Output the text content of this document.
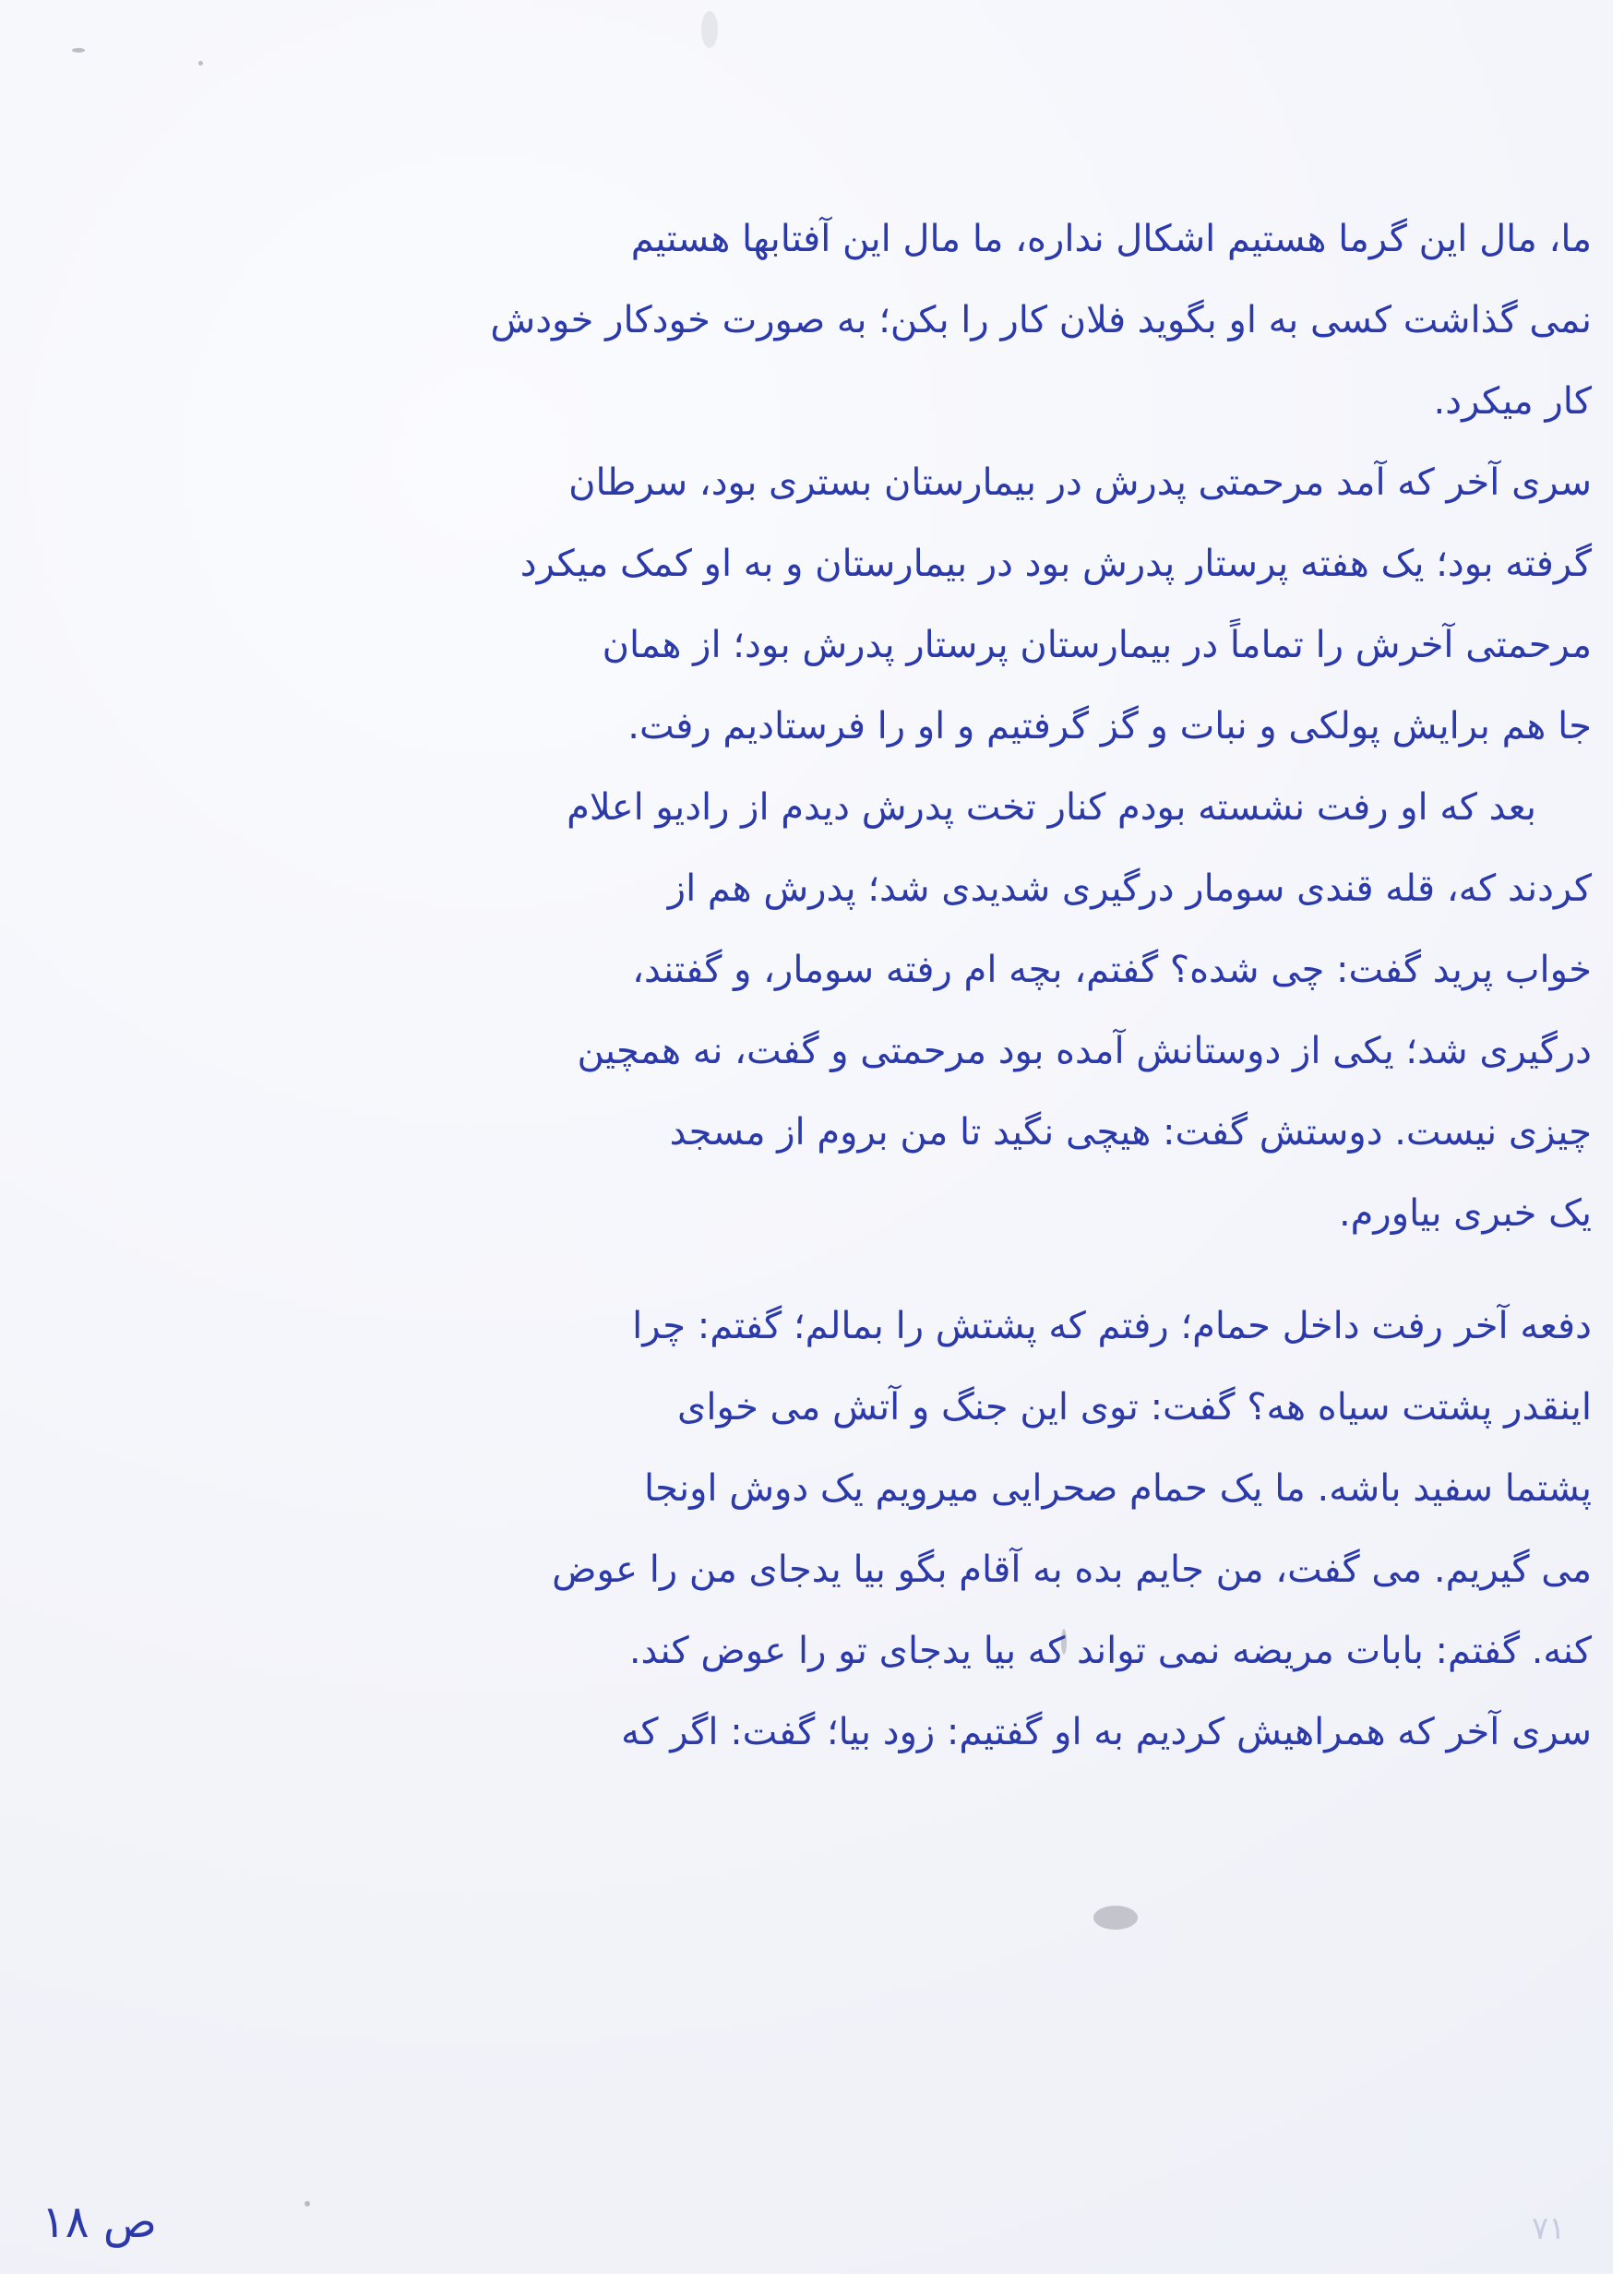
ما، مال این گرما هستیم اشکال نداره، ما مال این آفتابها هستیم
نمی گذاشت کسی به او بگوید فلان کار را بکن؛ به صورت خودکار خودش
کار میکرد.
سری آخر که آمد مرحمتی پدرش در بیمارستان بستری بود، سرطان
گرفته بود؛ یک هفته پرستار پدرش بود در بیمارستان و به او کمک میکرد
مرحمتی آخرش را تماماً در بیمارستان پرستار پدرش بود؛ از همان
جا هم برایش پولکی و نبات و گز گرفتیم و او را فرستادیم رفت.
بعد که او رفت نشسته بودم کنار تخت پدرش دیدم از رادیو اعلام
کردند که، قله قندی سومار درگیری شدیدی شد؛ پدرش هم از
خواب پرید گفت: چی شده؟ گفتم، بچه ام رفته سومار، و گفتند،
درگیری شد؛ یکی از دوستانش آمده بود مرحمتی و گفت، نه همچین
چیزی نیست. دوستش گفت: هیچی نگید تا من بروم از مسجد
یک خبری بیاورم.
دفعه آخر رفت داخل حمام؛ رفتم که پشتش را بمالم؛ گفتم: چرا
اینقدر پشتت سیاه هه؟ گفت: توی این جنگ و آتش می خوای
پشتما سفید باشه. ما یک حمام صحرایی میرویم یک دوش اونجا
می گیریم. می گفت، من جایم بده به آقام بگو بیا یدجای من را عوض
کنه. گفتم: بابات مریضه نمی تواند که بیا یدجای تو را عوض کند.
سری آخر که همراهیش کردیم به او گفتیم: زود بیا؛ گفت: اگر که
ص ۱۸	۷۱
